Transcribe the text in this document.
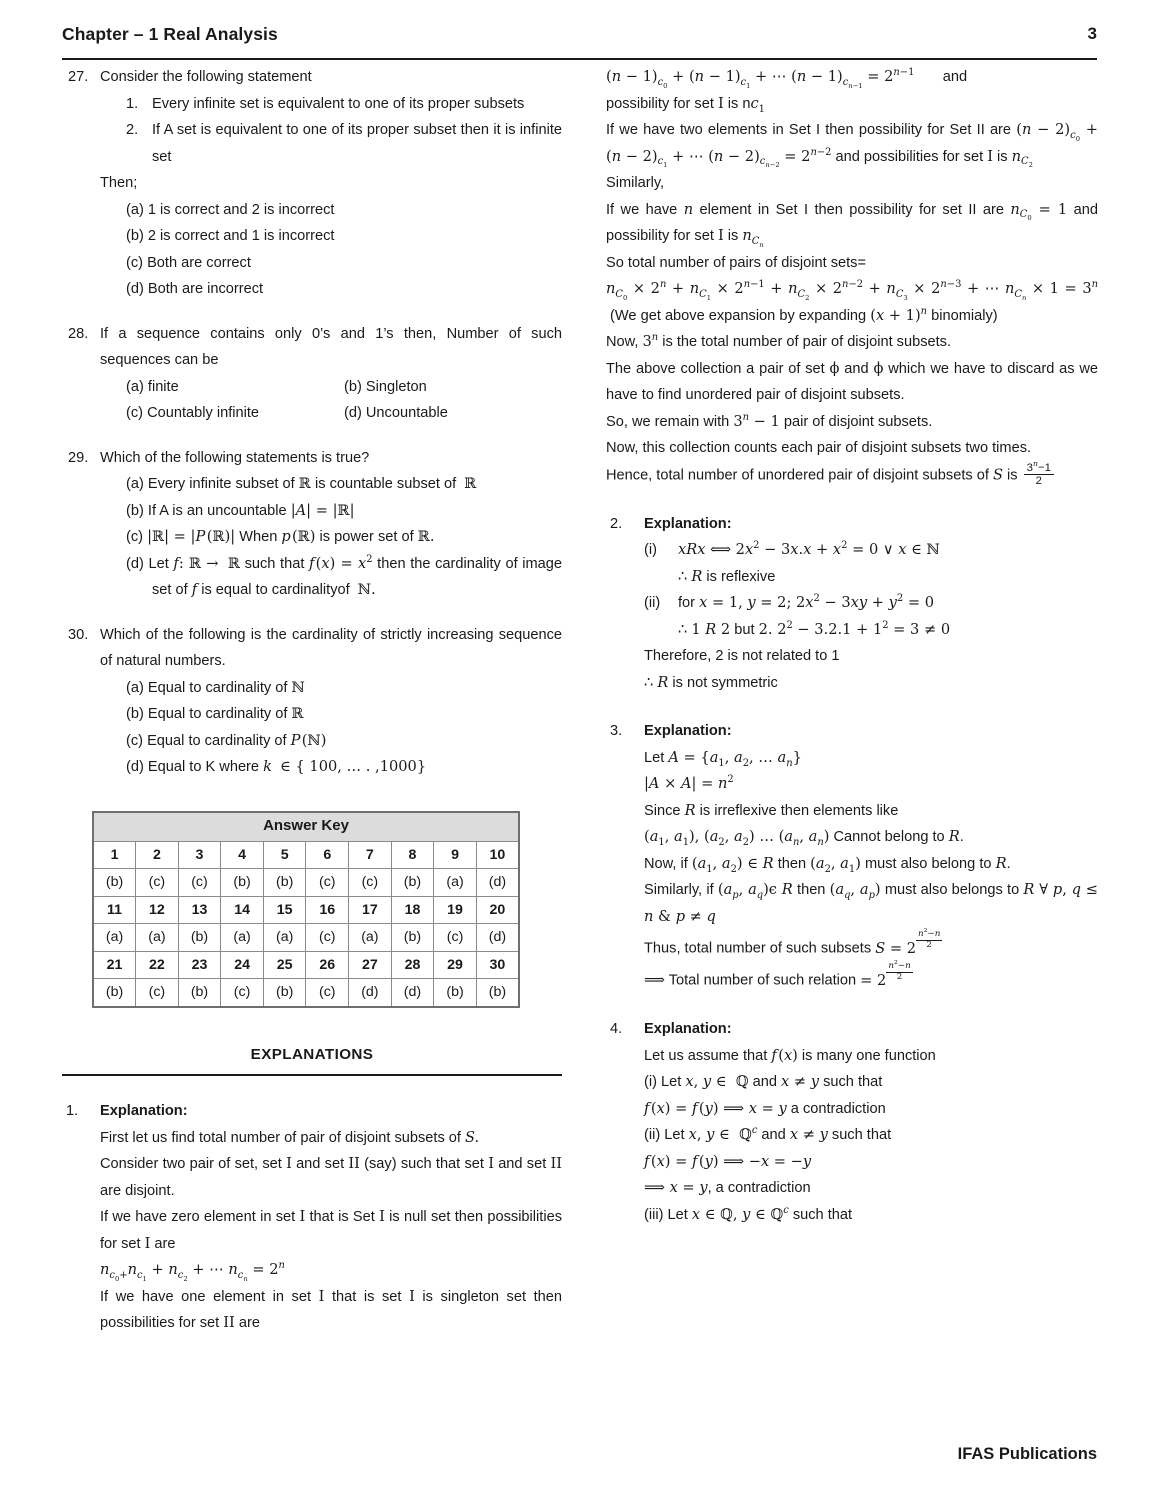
Chapter – 1 Real Analysis	3
27. Consider the following statement
1. Every infinite set is equivalent to one of its proper subsets
2. If A set is equivalent to one of its proper subset then it is infinite set
Then;
(a) 1 is correct and 2 is incorrect
(b) 2 is correct and 1 is incorrect
(c) Both are correct
(d) Both are incorrect
28. If a sequence contains only 0’s and 1’s then, Number of such sequences can be
(a) finite	(b) Singleton
(c) Countably infinite	(d) Uncountable
29. Which of the following statements is true?
(a) Every infinite subset of ℝ is countable subset of  ℝ
(b) If A is an uncountable |A| = |ℝ|
(c) |ℝ| = |P (ℝ)| When p (ℝ) is power set of ℝ.
(d) Let f: ℝ → ℝ such that f $(x) = x^2$ then the cardinality of image set of f is equal to cardinalityof  ℕ.
30. Which of the following is the cardinality of strictly increasing sequence of natural numbers.
(a) Equal to cardinality of ℕ
(b) Equal to cardinality of ℝ
(c) Equal to cardinality of P (ℕ)
(d) Equal to K where k ∈ { 100, … . ,1000}
Answer Key									
1	2	3	4	5	6	7	8	9	10
(b)	(c)	(c)	(b)	(b)	(c)	(c)	(b)	(a)	(d)
11	12	13	14	15	16	17	18	19	20
(a)	(a)	(b)	(a)	(a)	(c)	(a)	(b)	(c)	(d)
21	22	23	24	25	26	27	28	29	30
(b)	(c)	(b)	(c)	(b)	(c)	(d)	(d)	(b)	(b)
EXPLANATIONS
1.	Explanation:
First let us find total number of pair of disjoint subsets of S.
Consider two pair of set, set I and set II (say) such that set I and set II are disjoint.
If we have zero element in set I that is Set I is null set then possibilities for set I are
$n_{c_0+}n_{c_1} + n_{c_2}$ + ⋯ $n_{c_n} = 2^n$
If we have one element in set I that is set I is singleton set then possibilities for set II are
$(n - 1)_{c_0} + (n - 1)_{c_1}$ + ⋯ $(n - 1)_{c_{n-1}} = 2^{n-1}$       and
possibility for set I is $nc_1$
If we have two elements in Set I then possibility for Set II are $(n - 2)_{c_0} + (n - 2)_{c_1}$ + ⋯ $(n - 2)_{c_{n-2}} = 2^{n-2}$ and possibilities for set I is $n_{C_2}$
Similarly,
If we have n element in Set I then possibility for set II are $n_{C_0} = 1$ and possibility for set I is $n_{C_n}$
So total number of pairs of disjoint sets=
$n_{C_0} \times 2^n + n_{C_1} \times 2^{n-1} + n_{C_2} \times 2^{n-2} + n_{C_3} \times 2^{n-3}$ + ⋯ $n_{C_n} \times 1 = 3^n$  (We get above expansion by expanding $(x + 1)^n$ binomialy)
Now, 3$^n$ is the total number of pair of disjoint subsets.
The above collection a pair of set ϕ and ϕ which we have to discard as we have to find unordered pair of disjoint subsets.
So, we remain with $3^n - 1$ pair of disjoint subsets.
Now, this collection counts each pair of disjoint subsets two times.
Hence, total number of unordered pair of disjoint subsets of S is $\frac{3^n-1}{2}$
2.	Explanation:
(i)	xRx ⟺ $2x^2 - 3x.x + x^2 = 0$ ∨ x ∈ ℕ
∴ R is reflexive
(ii)	for x = 1, y = 2; $2x^2 - 3xy + y^2 = 0$
∴ 1 R 2 but 2. $2^2 - 3.2.1 + 1^2 = 3 \ne 0$
Therefore, 2 is not related to 1
∴ R is not symmetric
3.	Explanation:
Let $A = \{a_1$, $a_2$, … $a_n$}
$|A \times A| = n^2$
Since R is irreflexive then elements like
($a_1$, $a_1$), ($a_2$, $a_2$) … ($a_n$, $a_n$) Cannot belong to R.
Now, if ($a_1$, $a_2$) ∈ R then ($a_2$, $a_1$) must also belong to R.
Similarly, if ($a_p$, $a_q)\epsilon$ R then ($a_q$, $a_p$) must also belongs to R ∀ p, q ≤ n & p ≠ q
Thus, total number of such subsets $S = 2 \frac{n^2-n}{2}$
⟹ Total number of such relation = $2 \frac{n^2-n}{2}$
4.	Explanation:
Let us assume that f (x) is many one function
(i) Let x, y ∈  ℚ and x ≠ y such that
f (x) = f (y) ⟹ x = y a contradiction
(ii) Let x, y ∈  ℚ$^c$ and x ≠ y such that
f (x) = f (y) ⟹ −x = −y
⟹ x = y, a contradiction
(iii) Let x ∈ ℚ, y ∈ ℚ$^c$ such that
IFAS Publications
